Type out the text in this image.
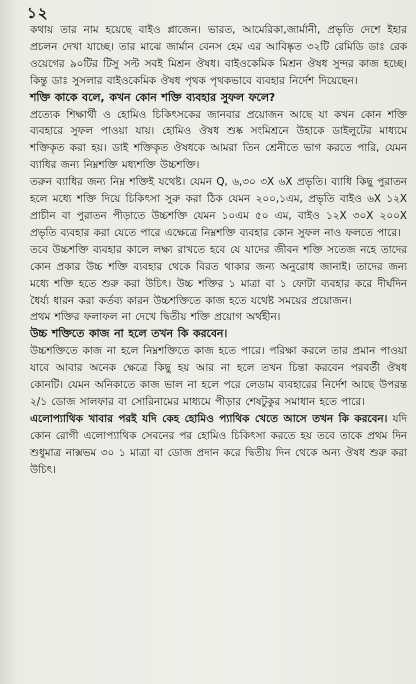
১২

কথায় তার নাম হয়েছে বাইও প্লাজেন। ভারত, আমেরিকা,জার্মানী, প্রভৃতি দেশে ইহার প্রচলন দেখা যাচ্ছে। তার মাঝে জার্মান বেনস হেম এর আবিষ্কৃত ৩২টি রেমিডি ডাঃ রেক ওয়েগের ৯০টির টিসু সল্ট সবই মিশ্রন ঔষধ। বাইওকেমিক মিশ্রন ঔষধ সুন্দর কাজ হচ্ছে। কিন্তু ডাঃ সুসলার বাইওকেমিক ঔষধ পৃথক পৃথকভাবে ব্যবহার নির্দেশ দিয়েছেন।

শক্তি কাকে বলে, কখন কোন শক্তি ব্যবহার সুফল ফলে?

প্রত্যেক শিক্ষার্থী ও হোমিও চিকিৎসকের জানবার প্রয়োজন আছে যা কখন কোন শক্তি ব্যবহারে সুফল পাওয়া যায়। হোমিও ঔষধ শুষ্ক সংমিশ্রনে উহাকে ডাইলুটের মাধ্যমে শক্তিকৃত করা হয়। ডাই শক্তিকৃত ঔষধকে আমরা তিন শ্রেনীতে ভাগ করতে পারি, যেমন ব্যাধির জন্য নিম্নশক্তি মধ্যশক্তি উচ্চশক্তি।

তরুন ব্যাধির জন্য নিম্ন শক্তিই যথেষ্ট। যেমন Q, ৬,৩০ ৩X ৬X প্রভৃতি। ব্যাধি কিছু পুরাতন হলে মধ্যে শক্তি দিয়ে চিকিৎসা সুরু করা ঠিক যেমন ২০০,১এম, প্রভৃতি বাইও ৬X ১২X প্রাচীন বা পুরাতন পীড়াতে উচ্চশক্তি যেমন ১০এম ৫০ এম, বাইও ১২X ৩০X ২০০X প্রভৃতি ব্যবহার করা যেতে পারে এক্ষেত্রে নিম্নশক্তি ব্যবহার কোন সুফল নাও ফলতে পারে।

তবে উচ্চশক্তি ব্যবহার কালে লক্ষ্য রাখতে হবে যে যাদের জীবন শক্তি সতেজ নহে তাদের কোন প্রকার উচ্চ শক্তি ব্যবহার থেকে বিরত থাকার জন্য অনুরোধ জানাই। তাদের জন্য মধ্যে শক্তি হতে শুরু করা উচিৎ। উচ্চ শক্তির ১ মাত্রা বা ১ ফোটা ব্যবহার করে দীর্ঘদিন ধৈর্য্য ধারন করা কর্তব্য কারন উচ্চশক্তিতে কাজ হতে যথেষ্ট সময়ের প্রয়োজন।

প্রথম শক্তির ফলাফল না দেখে দ্বিতীয় শক্তি প্রয়োগ অর্থহীন।

উচ্চ শক্তিতে কাজ না হলে তখন কি করবেন।

উচ্চশক্তিতে কাজ না হলে নিম্নশক্তিতে কাজ হতে পারে। পরিক্ষা করলে তার প্রমান পাওয়া যাবে আবার অনেক ক্ষেত্রে কিছু হয় আর না হলে তখন চিন্তা করবেন পরবর্তী ঔষধ কোনটি। যেমন অনিকাতে কাজ ভাল না হলে পরে লেডাম ব্যবহারের নির্দেশ আছে উপরন্ত ২/১ ডোজ সালফার বা সোরিনামের মাধ্যমে পীড়ার শেষটুকুর সমাধান হতে পারে।

এলোপ্যাথিক খাবার পরই যদি কেহ হোমিও প্যাথিক খেতে আসে তখন কি করবেন। যদি কোন রোগী এলোপ্যাথিক সেবনের পর হোমিও চিকিৎসা করতে হয় তবে তাকে প্রথম দিন শুধুমাত্র নাক্সভম ৩০ ১ মাত্রা বা ডোজ প্রদান করে দ্বিতীয় দিন থেকে অন্য ঔষধ শুরু করা উচিৎ।
